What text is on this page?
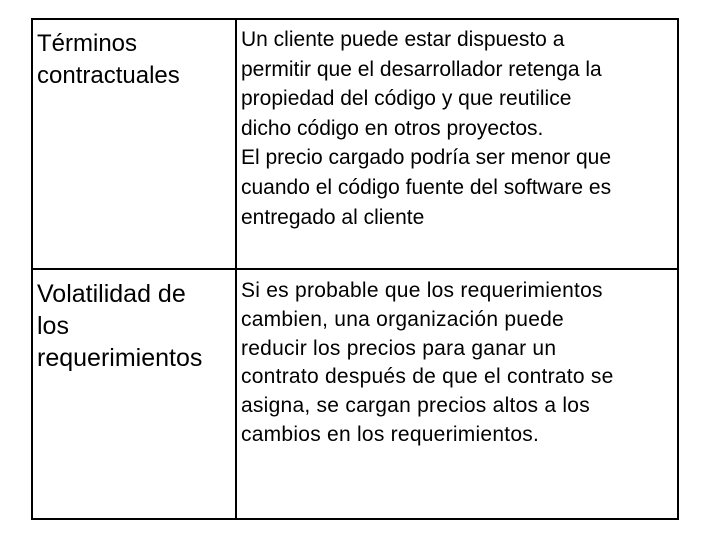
Términos
contractuales

Un cliente puede estar dispuesto a
permitir que el desarrollador retenga la
propiedad del código y que reutilice
dicho código en otros proyectos.

El precio cargado podría ser menor que
cuando el código fuente del software es
entregado al cliente

Volatilidad de
los
requerimientos

Si es probable que los requerimientos
cambien, una organización puede
reducir los precios para ganar un
contrato después de que el contrato se
asigna, se cargan precios altos a los
cambios en los requerimientos.
